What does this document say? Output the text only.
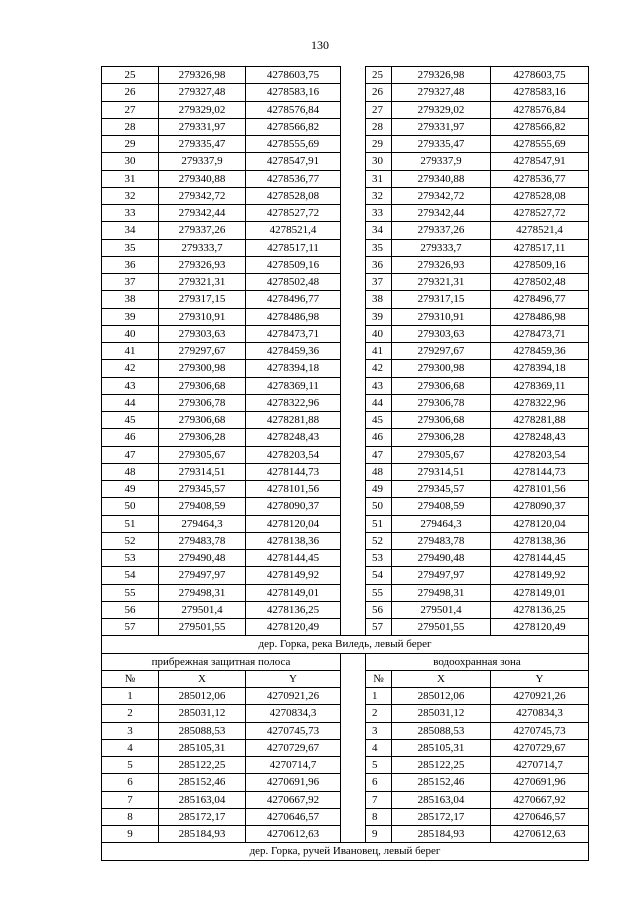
130
25	279326,98	4278603,75		25	279326,98	4278603,75
26	279327,48	4278583,16		26	279327,48	4278583,16
27	279329,02	4278576,84		27	279329,02	4278576,84
28	279331,97	4278566,82		28	279331,97	4278566,82
29	279335,47	4278555,69		29	279335,47	4278555,69
30	279337,9	4278547,91		30	279337,9	4278547,91
31	279340,88	4278536,77		31	279340,88	4278536,77
32	279342,72	4278528,08		32	279342,72	4278528,08
33	279342,44	4278527,72		33	279342,44	4278527,72
34	279337,26	4278521,4		34	279337,26	4278521,4
35	279333,7	4278517,11		35	279333,7	4278517,11
36	279326,93	4278509,16		36	279326,93	4278509,16
37	279321,31	4278502,48		37	279321,31	4278502,48
38	279317,15	4278496,77		38	279317,15	4278496,77
39	279310,91	4278486,98		39	279310,91	4278486,98
40	279303,63	4278473,71		40	279303,63	4278473,71
41	279297,67	4278459,36		41	279297,67	4278459,36
42	279300,98	4278394,18		42	279300,98	4278394,18
43	279306,68	4278369,11		43	279306,68	4278369,11
44	279306,78	4278322,96		44	279306,78	4278322,96
45	279306,68	4278281,88		45	279306,68	4278281,88
46	279306,28	4278248,43		46	279306,28	4278248,43
47	279305,67	4278203,54		47	279305,67	4278203,54
48	279314,51	4278144,73		48	279314,51	4278144,73
49	279345,57	4278101,56		49	279345,57	4278101,56
50	279408,59	4278090,37		50	279408,59	4278090,37
51	279464,3	4278120,04		51	279464,3	4278120,04
52	279483,78	4278138,36		52	279483,78	4278138,36
53	279490,48	4278144,45		53	279490,48	4278144,45
54	279497,97	4278149,92		54	279497,97	4278149,92
55	279498,31	4278149,01		55	279498,31	4278149,01
56	279501,4	4278136,25		56	279501,4	4278136,25
57	279501,55	4278120,49		57	279501,55	4278120,49
дер. Горка, река Виледь, левый берег						
прибрежная защитная полоса				водоохранная зона		
№	X	Y		№	X	Y
1	285012,06	4270921,26		1	285012,06	4270921,26
2	285031,12	4270834,3		2	285031,12	4270834,3
3	285088,53	4270745,73		3	285088,53	4270745,73
4	285105,31	4270729,67		4	285105,31	4270729,67
5	285122,25	4270714,7		5	285122,25	4270714,7
6	285152,46	4270691,96		6	285152,46	4270691,96
7	285163,04	4270667,92		7	285163,04	4270667,92
8	285172,17	4270646,57		8	285172,17	4270646,57
9	285184,93	4270612,63		9	285184,93	4270612,63
дер. Горка, ручей Ивановец, левый берег						
